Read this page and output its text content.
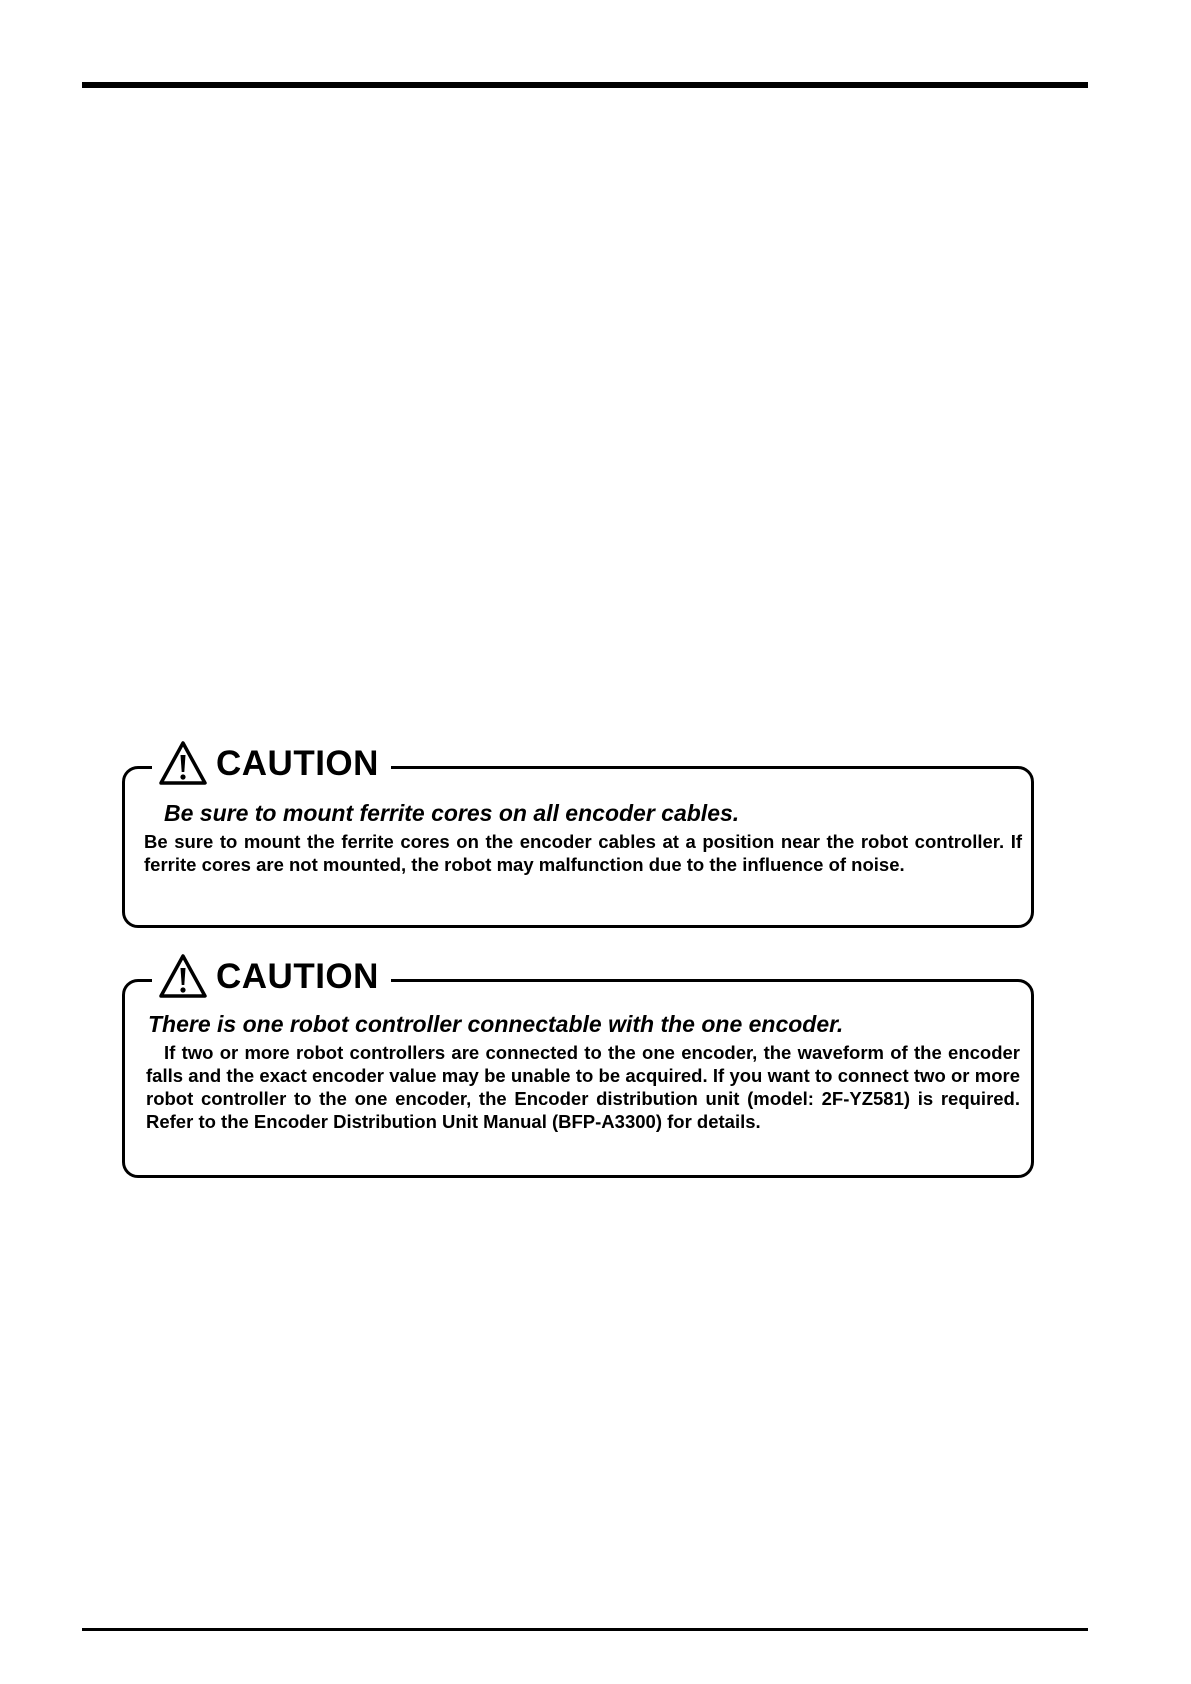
CAUTION
Be sure to mount ferrite cores on all encoder cables.
Be sure to mount the ferrite cores on the encoder cables at a position near the robot controller. If ferrite cores are not mounted, the robot may malfunction due to the influence of noise.
CAUTION
There is one robot controller connectable with the one encoder.
If two or more robot controllers are connected to the one encoder, the waveform of the encoder falls and the exact encoder value may be unable to be acquired. If you want to connect two or more robot controller to the one encoder, the Encoder distribution unit (model: 2F-YZ581) is required. Refer to the Encoder Distribution Unit Manual (BFP-A3300) for details.
